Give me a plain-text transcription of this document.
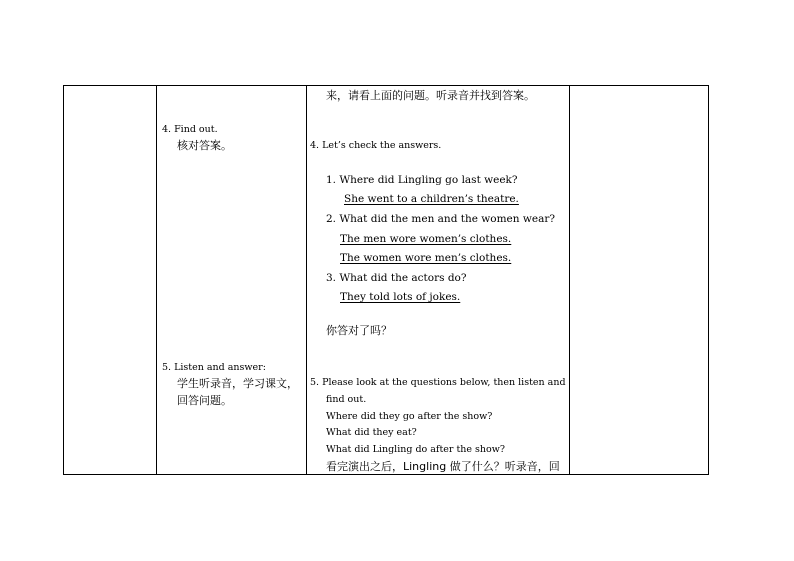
4. Find out.
核对答案。
5. Listen and answer:
学生听录音，学习课文，
回答问题。
来，请看上面的问题。听录音并找到答案。
4. Let’s check the answers.
1. Where did Lingling go last week?
She went to a children’s theatre.
2. What did the men and the women wear?
The men wore women’s clothes.
The women wore men’s clothes.
3. What did the actors do?
They told lots of jokes.
你答对了吗？
5. Please look at the questions below, then listen and
find out.
Where did they go after the show?
What did they eat?
What did Lingling do after the show?
看完演出之后，Lingling 做了什么？听录音，回
